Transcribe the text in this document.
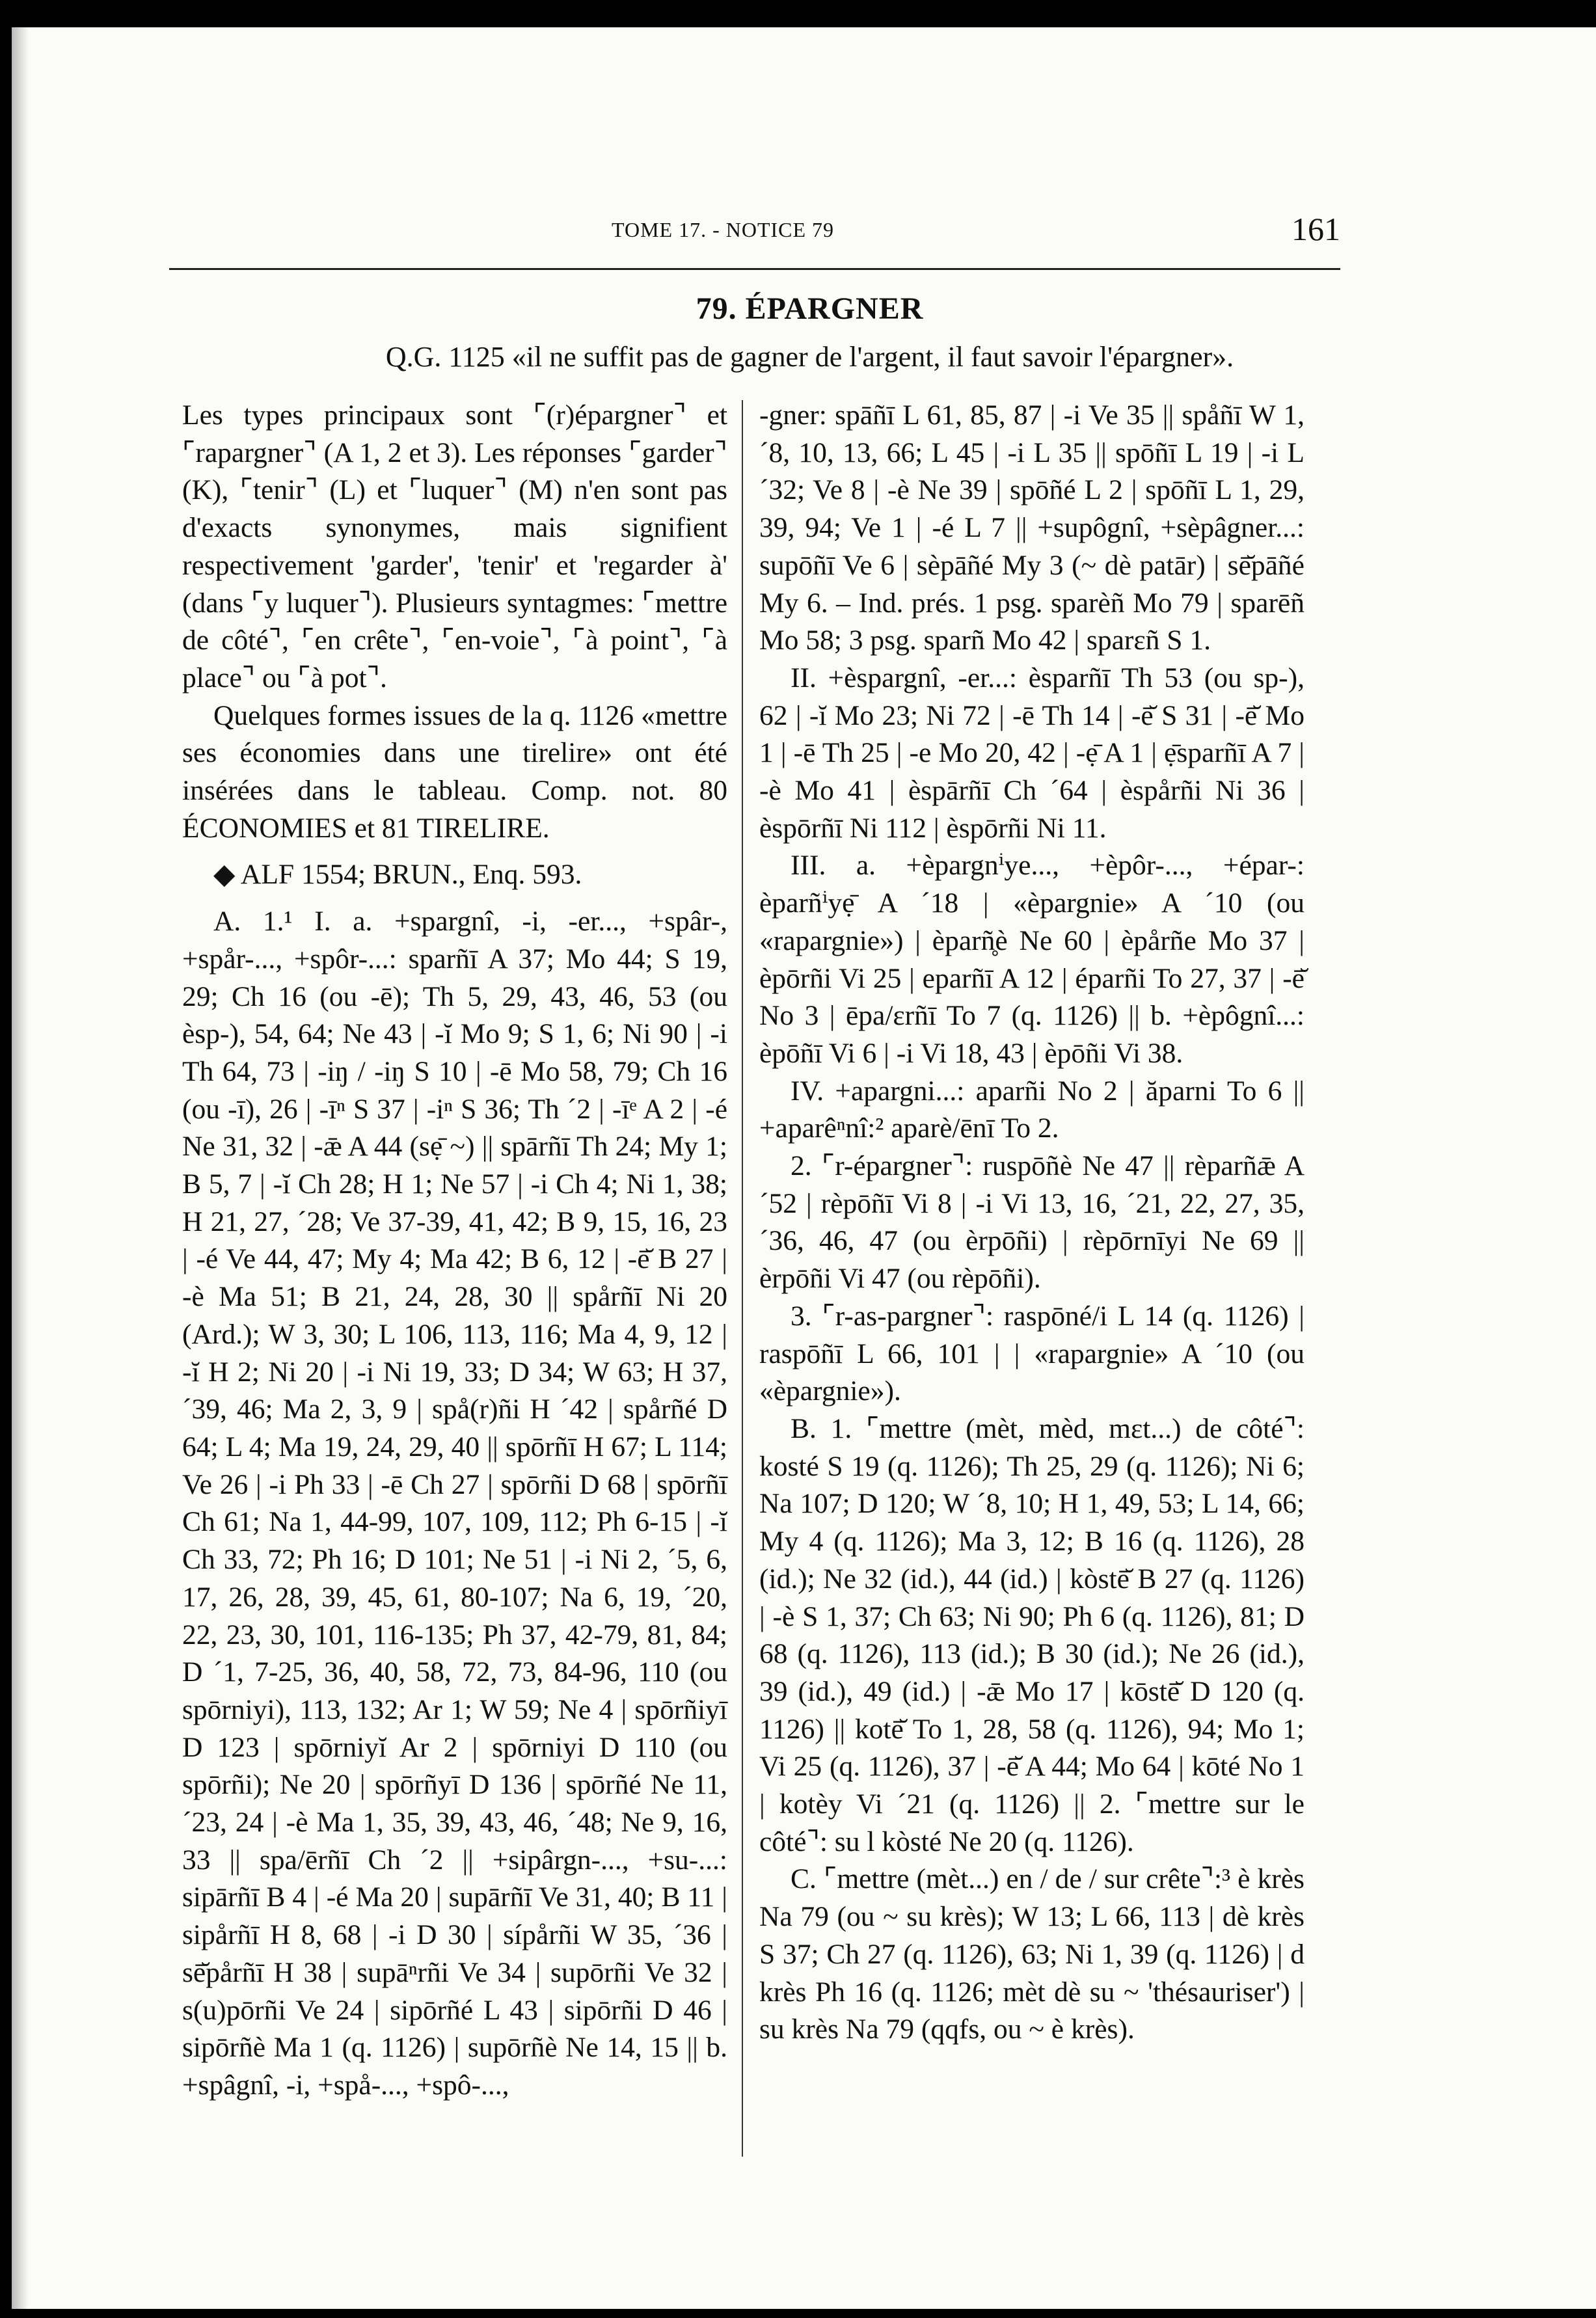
TOME 17. - NOTICE 79	161
79. ÉPARGNER
Q.G. 1125 «il ne suffit pas de gagner de l'argent, il faut savoir l'épargner».

Les types principaux sont ⌜(r)épargner⌝ et ⌜rapargner⌝ (A 1, 2 et 3). Les réponses ⌜garder⌝ (K), ⌜tenir⌝ (L) et ⌜luquer⌝ (M) n'en sont pas d'exacts synonymes, mais signifient respectivement 'garder', 'tenir' et 'regarder à' (dans ⌜y luquer⌝). Plusieurs syntagmes: ⌜mettre de côté⌝, ⌜en crête⌝, ⌜en-voie⌝, ⌜à point⌝, ⌜à place⌝ ou ⌜à pot⌝.

Quelques formes issues de la q. 1126 «mettre ses économies dans une tirelire» ont été insérées dans le tableau. Comp. not. 80 ÉCONOMIES et 81 TIRELIRE.

◆ ALF 1554; BRUN., Enq. 593.

A. 1.¹ I. a. +spargnî, -i, -er..., +spâr-, +spår-..., +spôr-...: sparñī A 37; Mo 44; S 19, 29; Ch 16 (ou -ē); Th 5, 29, 43, 46, 53 (ou èsp-), 54, 64; Ne 43 | -ĭ Mo 9; S 1, 6; Ni 90 | -i Th 64, 73 | -iŋ / -iŋ S 10 | -ē Mo 58, 79; Ch 16 (ou -ī), 26 | -īⁿ S 37 | -iⁿ S 36; Th ´2 | -īᵉ A 2 | -é Ne 31, 32 | -ǣ A 44 (sẹ̄ ~) || spārñī Th 24; My 1; B 5, 7 | -ĭ Ch 28; H 1; Ne 57 | -i Ch 4; Ni 1, 38; H 21, 27, ´28; Ve 37-39, 41, 42; B 9, 15, 16, 23 | -é Ve 44, 47; My 4; Ma 42; B 6, 12 | -ē̆ B 27 | -è Ma 51; B 21, 24, 28, 30 || spårñī Ni 20 (Ard.); W 3, 30; L 106, 113, 116; Ma 4, 9, 12 | -ĭ H 2; Ni 20 | -i Ni 19, 33; D 34; W 63; H 37, ´39, 46; Ma 2, 3, 9 | spå(r)ñi H ´42 | spårñé D 64; L 4; Ma 19, 24, 29, 40 || spōrñī H 67; L 114; Ve 26 | -i Ph 33 | -ē Ch 27 | spōrñi D 68 | spōrñī Ch 61; Na 1, 44-99, 107, 109, 112; Ph 6-15 | -ĭ Ch 33, 72; Ph 16; D 101; Ne 51 | -i Ni 2, ´5, 6, 17, 26, 28, 39, 45, 61, 80-107; Na 6, 19, ´20, 22, 23, 30, 101, 116-135; Ph 37, 42-79, 81, 84; D ´1, 7-25, 36, 40, 58, 72, 73, 84-96, 110 (ou spōrniyi), 113, 132; Ar 1; W 59; Ne 4 | spōrñiyī D 123 | spōrniyĭ Ar 2 | spōrniyi D 110 (ou spōrñi); Ne 20 | spōrñyī D 136 | spōrñé Ne 11, ´23, 24 | -è Ma 1, 35, 39, 43, 46, ´48; Ne 9, 16, 33 || spa/ērñī Ch ´2 || +sipârgn-..., +su-...: sipārñī B 4 | -é Ma 20 | supārñī Ve 31, 40; B 11 | sipårñī H 8, 68 | -i D 30 | sípårñi W 35, ´36 | sē̆pårñī H 38 | supāⁿrñi Ve 34 | supōrñi Ve 32 | s(u)pōrñi Ve 24 | sipōrñé L 43 | sipōrñi D 46 | sipōrñè Ma 1 (q. 1126) | supōrñè Ne 14, 15 || b. +spâgnî, -i, +spå-..., +spô-...,

-gner: spāñī L 61, 85, 87 | -i Ve 35 || spåñī W 1, ´8, 10, 13, 66; L 45 | -i L 35 || spōñī L 19 | -i L ´32; Ve 8 | -è Ne 39 | spōñé L 2 | spōñī L 1, 29, 39, 94; Ve 1 | -é L 7 || +supôgnî, +sèpâgner...: supōñī Ve 6 | sèpāñé My 3 (~ dè patār) | sē̆pāñé My 6. – Ind. prés. 1 psg. sparèñ Mo 79 | sparēñ Mo 58; 3 psg. sparñ Mo 42 | sparɛñ S 1.

II. +èspargnî, -er...: èsparñī Th 53 (ou sp-), 62 | -ĭ Mo 23; Ni 72 | -ē Th 14 | -ē̆ S 31 | -ē̆ Mo 1 | -ē Th 25 | -e Mo 20, 42 | -ẹ̄ A 1 | ẹ̄sparñī A 7 | -è Mo 41 | èspārñī Ch ´64 | èspårñi Ni 36 | èspōrñī Ni 112 | èspōrñi Ni 11.

III. a. +èpargnⁱye..., +èpôr-..., +épar-: èparñⁱyẹ̄ A ´18 | «èpargnie» A ´10 (ou «rapargnie») | èparñ̥è Ne 60 | èpårñe Mo 37 | èpōrñi Vi 25 | eparñī A 12 | éparñi To 27, 37 | -ē̆ No 3 | ēpa/ɛrñī To 7 (q. 1126) || b. +èpôgnî...: èpōñī Vi 6 | -i Vi 18, 43 | èpōñi Vi 38.

IV. +apargni...: aparñi No 2 | ăparni To 6 || +aparêⁿnî:² aparè/ēnī To 2.

2. ⌜r-épargner⌝: ruspōñè Ne 47 || rèparñǣ A ´52 | rèpōñī Vi 8 | -i Vi 13, 16, ´21, 22, 27, 35, ´36, 46, 47 (ou èrpōñi) | rèpōrnīyi Ne 69 || èrpōñi Vi 47 (ou rèpōñi).

3. ⌜r-as-pargner⌝: raspōné/i L 14 (q. 1126) | raspōñī L 66, 101 | | «rapargnie» A ´10 (ou «èpargnie»).

B. 1. ⌜mettre (mèt, mèd, mɛt...) de côté⌝: kosté S 19 (q. 1126); Th 25, 29 (q. 1126); Ni 6; Na 107; D 120; W ´8, 10; H 1, 49, 53; L 14, 66; My 4 (q. 1126); Ma 3, 12; B 16 (q. 1126), 28 (id.); Ne 32 (id.), 44 (id.) | kòstē̆ B 27 (q. 1126) | -è S 1, 37; Ch 63; Ni 90; Ph 6 (q. 1126), 81; D 68 (q. 1126), 113 (id.); B 30 (id.); Ne 26 (id.), 39 (id.), 49 (id.) | -ǣ Mo 17 | kōstē̆ D 120 (q. 1126) || kotē̆ To 1, 28, 58 (q. 1126), 94; Mo 1; Vi 25 (q. 1126), 37 | -ē̆ A 44; Mo 64 | kōté No 1 | kotèy Vi ´21 (q. 1126) || 2. ⌜mettre sur le côté⌝: su l kòsté Ne 20 (q. 1126).

C. ⌜mettre (mèt...) en / de / sur crête⌝:³ è krès Na 79 (ou ~ su krès); W 13; L 66, 113 | dè krès S 37; Ch 27 (q. 1126), 63; Ni 1, 39 (q. 1126) | d krès Ph 16 (q. 1126; mèt dè su ~ 'thésauriser') | su krès Na 79 (qqfs, ou ~ è krès).
